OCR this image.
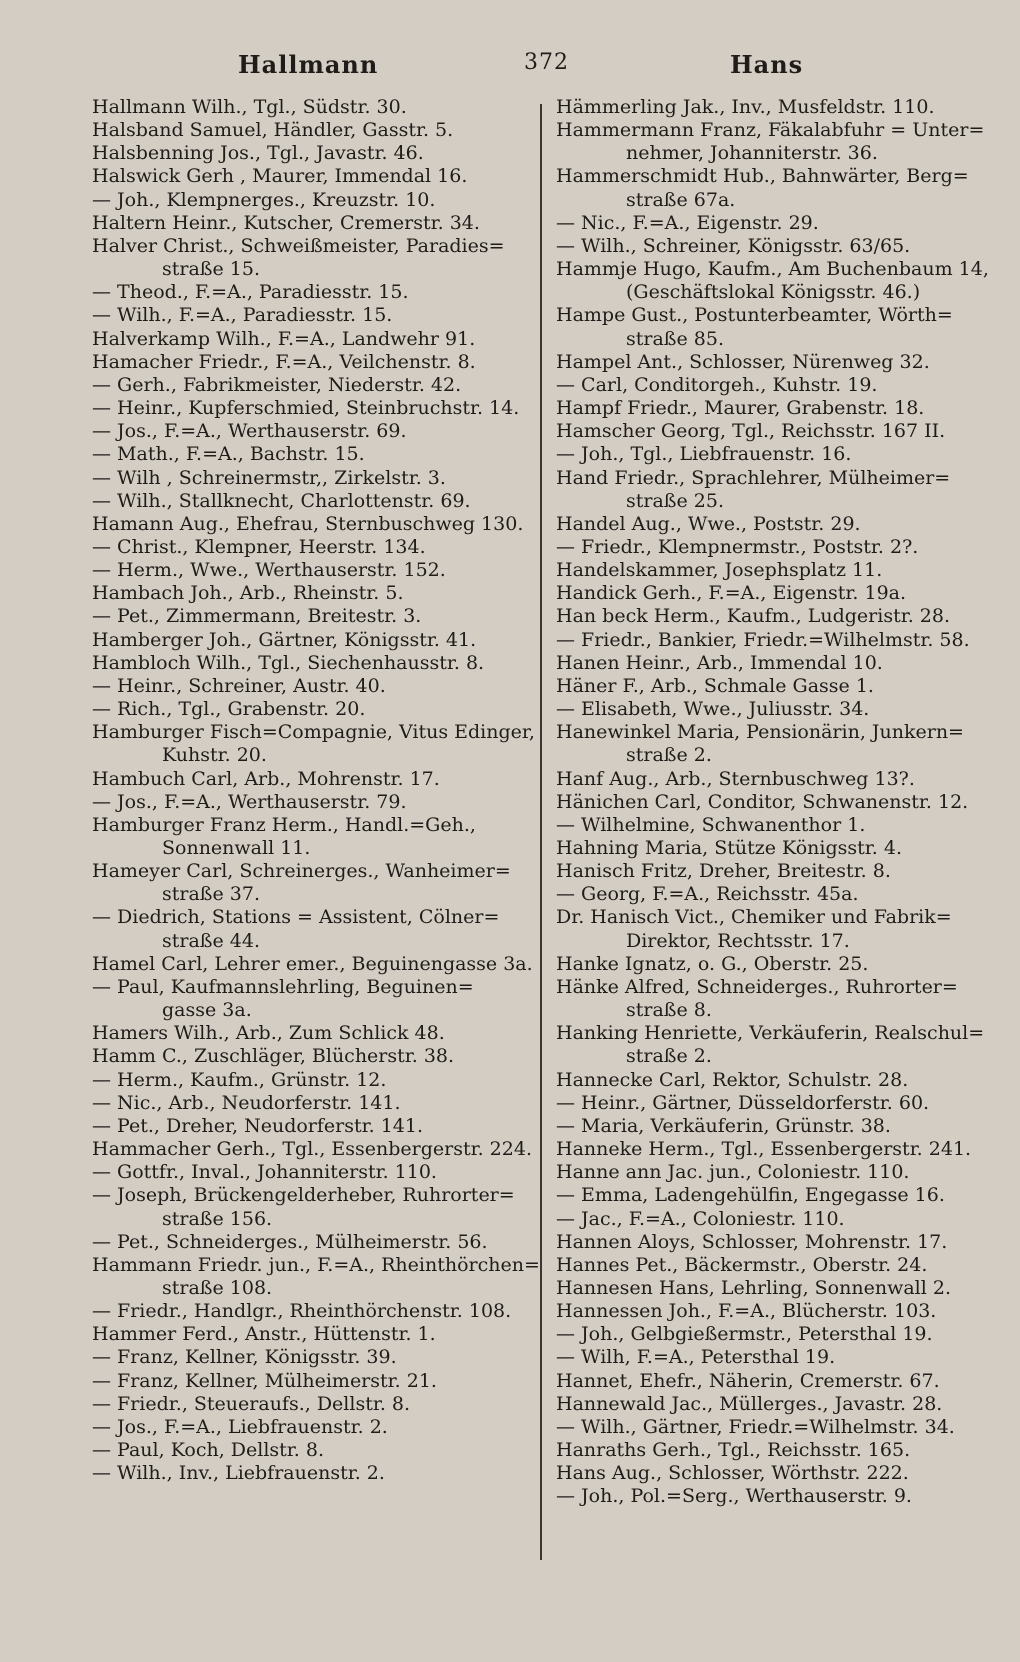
Hallmann	372	Hans
Hallmann Wilh., Tgl., Südstr. 30.
Halsband Samuel, Händler, Gasstr. 5.
Halsbenning Jos., Tgl., Javastr. 46.
Halswick Gerh , Maurer, Immendal 16.
— Joh., Klempnerges., Kreuzstr. 10.
Haltern Heinr., Kutscher, Cremerstr. 34.
Halver Christ., Schweißmeister, Paradies=
straße 15.
— Theod., F.=A., Paradiesstr. 15.
— Wilh., F.=A., Paradiesstr. 15.
Halverkamp Wilh., F.=A., Landwehr 91.
Hamacher Friedr., F.=A., Veilchenstr. 8.
— Gerh., Fabrikmeister, Niederstr. 42.
— Heinr., Kupferschmied, Steinbruchstr. 14.
— Jos., F.=A., Werthauserstr. 69.
— Math., F.=A., Bachstr. 15.
— Wilh , Schreinermstr,, Zirkelstr. 3.
— Wilh., Stallknecht, Charlottenstr. 69.
Hamann Aug., Ehefrau, Sternbuschweg 130.
— Christ., Klempner, Heerstr. 134.
— Herm., Wwe., Werthauserstr. 152.
Hambach Joh., Arb., Rheinstr. 5.
— Pet., Zimmermann, Breitestr. 3.
Hamberger Joh., Gärtner, Königsstr. 41.
Hambloch Wilh., Tgl., Siechenhausstr. 8.
— Heinr., Schreiner, Austr. 40.
— Rich., Tgl., Grabenstr. 20.
Hamburger Fisch=Compagnie, Vitus Edinger,
Kuhstr. 20.
Hambuch Carl, Arb., Mohrenstr. 17.
— Jos., F.=A., Werthauserstr. 79.
Hamburger Franz Herm., Handl.=Geh.,
Sonnenwall 11.
Hameyer Carl, Schreinerges., Wanheimer=
straße 37.
— Diedrich, Stations = Assistent, Cölner=
straße 44.
Hamel Carl, Lehrer emer., Beguinengasse 3a.
— Paul, Kaufmannslehrling, Beguinen=
gasse 3a.
Hamers Wilh., Arb., Zum Schlick 48.
Hamm C., Zuschläger, Blücherstr. 38.
— Herm., Kaufm., Grünstr. 12.
— Nic., Arb., Neudorferstr. 141.
— Pet., Dreher, Neudorferstr. 141.
Hammacher Gerh., Tgl., Essenbergerstr. 224.
— Gottfr., Inval., Johanniterstr. 110.
— Joseph, Brückengelderheber, Ruhrorter=
straße 156.
— Pet., Schneiderges., Mülheimerstr. 56.
Hammann Friedr. jun., F.=A., Rheinthörchen=
straße 108.
— Friedr., Handlgr., Rheinthörchenstr. 108.
Hammer Ferd., Anstr., Hüttenstr. 1.
— Franz, Kellner, Königsstr. 39.
— Franz, Kellner, Mülheimerstr. 21.
— Friedr., Steueraufs., Dellstr. 8.
— Jos., F.=A., Liebfrauenstr. 2.
— Paul, Koch, Dellstr. 8.
— Wilh., Inv., Liebfrauenstr. 2.
Hämmerling Jak., Inv., Musfeldstr. 110.
Hammermann Franz, Fäkalabfuhr = Unter=
nehmer, Johanniterstr. 36.
Hammerschmidt Hub., Bahnwärter, Berg=
straße 67a.
— Nic., F.=A., Eigenstr. 29.
— Wilh., Schreiner, Königsstr. 63/65.
Hammje Hugo, Kaufm., Am Buchenbaum 14,
(Geschäftslokal Königsstr. 46.)
Hampe Gust., Postunterbeamter, Wörth=
straße 85.
Hampel Ant., Schlosser, Nürenweg 32.
— Carl, Conditorgeh., Kuhstr. 19.
Hampf Friedr., Maurer, Grabenstr. 18.
Hamscher Georg, Tgl., Reichsstr. 167 II.
— Joh., Tgl., Liebfrauenstr. 16.
Hand Friedr., Sprachlehrer, Mülheimer=
straße 25.
Handel Aug., Wwe., Poststr. 29.
— Friedr., Klempnermstr., Poststr. 2?.
Handelskammer, Josephsplatz 11.
Handick Gerh., F.=A., Eigenstr. 19a.
Han beck Herm., Kaufm., Ludgeristr. 28.
— Friedr., Bankier, Friedr.=Wilhelmstr. 58.
Hanen Heinr., Arb., Immendal 10.
Häner F., Arb., Schmale Gasse 1.
— Elisabeth, Wwe., Juliusstr. 34.
Hanewinkel Maria, Pensionärin, Junkern=
straße 2.
Hanf Aug., Arb., Sternbuschweg 13?.
Hänichen Carl, Conditor, Schwanenstr. 12.
— Wilhelmine, Schwanenthor 1.
Hahning Maria, Stütze Königsstr. 4.
Hanisch Fritz, Dreher, Breitestr. 8.
— Georg, F.=A., Reichsstr. 45a.
Dr. Hanisch Vict., Chemiker und Fabrik=
Direktor, Rechtsstr. 17.
Hanke Ignatz, o. G., Oberstr. 25.
Hänke Alfred, Schneiderges., Ruhrorter=
straße 8.
Hanking Henriette, Verkäuferin, Realschul=
straße 2.
Hannecke Carl, Rektor, Schulstr. 28.
— Heinr., Gärtner, Düsseldorferstr. 60.
— Maria, Verkäuferin, Grünstr. 38.
Hanneke Herm., Tgl., Essenbergerstr. 241.
Hanne ann Jac. jun., Coloniestr. 110.
— Emma, Ladengehülfin, Engegasse 16.
— Jac., F.=A., Coloniestr. 110.
Hannen Aloys, Schlosser, Mohrenstr. 17.
Hannes Pet., Bäckermstr., Oberstr. 24.
Hannesen Hans, Lehrling, Sonnenwall 2.
Hannessen Joh., F.=A., Blücherstr. 103.
— Joh., Gelbgießermstr., Petersthal 19.
— Wilh, F.=A., Petersthal 19.
Hannet, Ehefr., Näherin, Cremerstr. 67.
Hannewald Jac., Müllerges., Javastr. 28.
— Wilh., Gärtner, Friedr.=Wilhelmstr. 34.
Hanraths Gerh., Tgl., Reichsstr. 165.
Hans Aug., Schlosser, Wörthstr. 222.
— Joh., Pol.=Serg., Werthauserstr. 9.
